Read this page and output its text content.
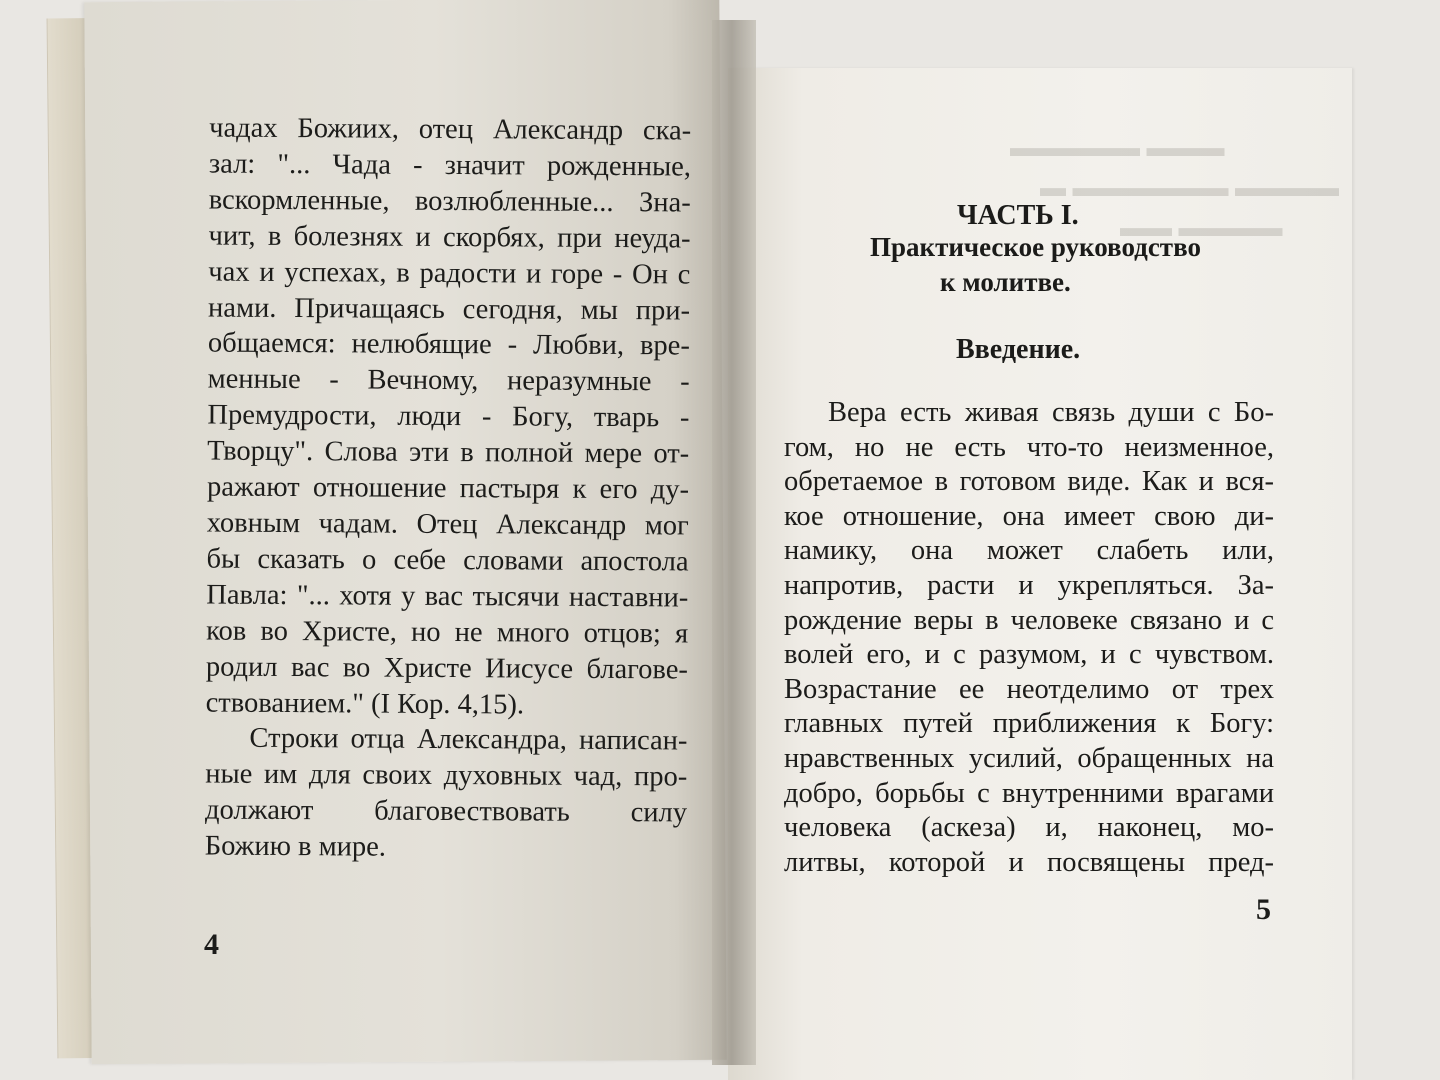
▬▬▬ ▬▬▬▬▬
▬▬▬▬ ▬▬▬▬▬▬ ▬
▬▬▬▬ ▬▬
чадах Божиих, отец Александр ска-
зал: "... Чада - значит рожденные,
вскормленные, возлюбленные... Зна-
чит, в болезнях и скорбях, при неуда-
чах и успехах, в радости и горе - Он с
нами. Причащаясь сегодня, мы при-
общаемся: нелюбящие - Любви, вре-
менные - Вечному, неразумные -
Премудрости, люди - Богу, тварь -
Творцу". Слова эти в полной мере от-
ражают отношение пастыря к его ду-
ховным чадам. Отец Александр мог
бы сказать о себе словами апостола
Павла: "... хотя у вас тысячи наставни-
ков во Христе, но не много отцов; я
родил вас во Христе Иисусе благове-
ствованием." (I Кор. 4,15).
Строки отца Александра, написан-
ные им для своих духовных чад, про-
должают благовествовать силу
Божию в мире.
4
ЧАСТЬ I.
Практическое руководство
к молитве.
Введение.
Вера есть живая связь души с Бо-
гом, но не есть что-то неизменное,
обретаемое в готовом виде. Как и вся-
кое отношение, она имеет свою ди-
намику, она может слабеть или,
напротив, расти и укрепляться. За-
рождение веры в человеке связано и с
волей его, и с разумом, и с чувством.
Возрастание ее неотделимо от трех
главных путей приближения к Богу:
нравственных усилий, обращенных на
добро, борьбы с внутренними врагами
человека (аскеза) и, наконец, мо-
литвы, которой и посвящены пред-
5
